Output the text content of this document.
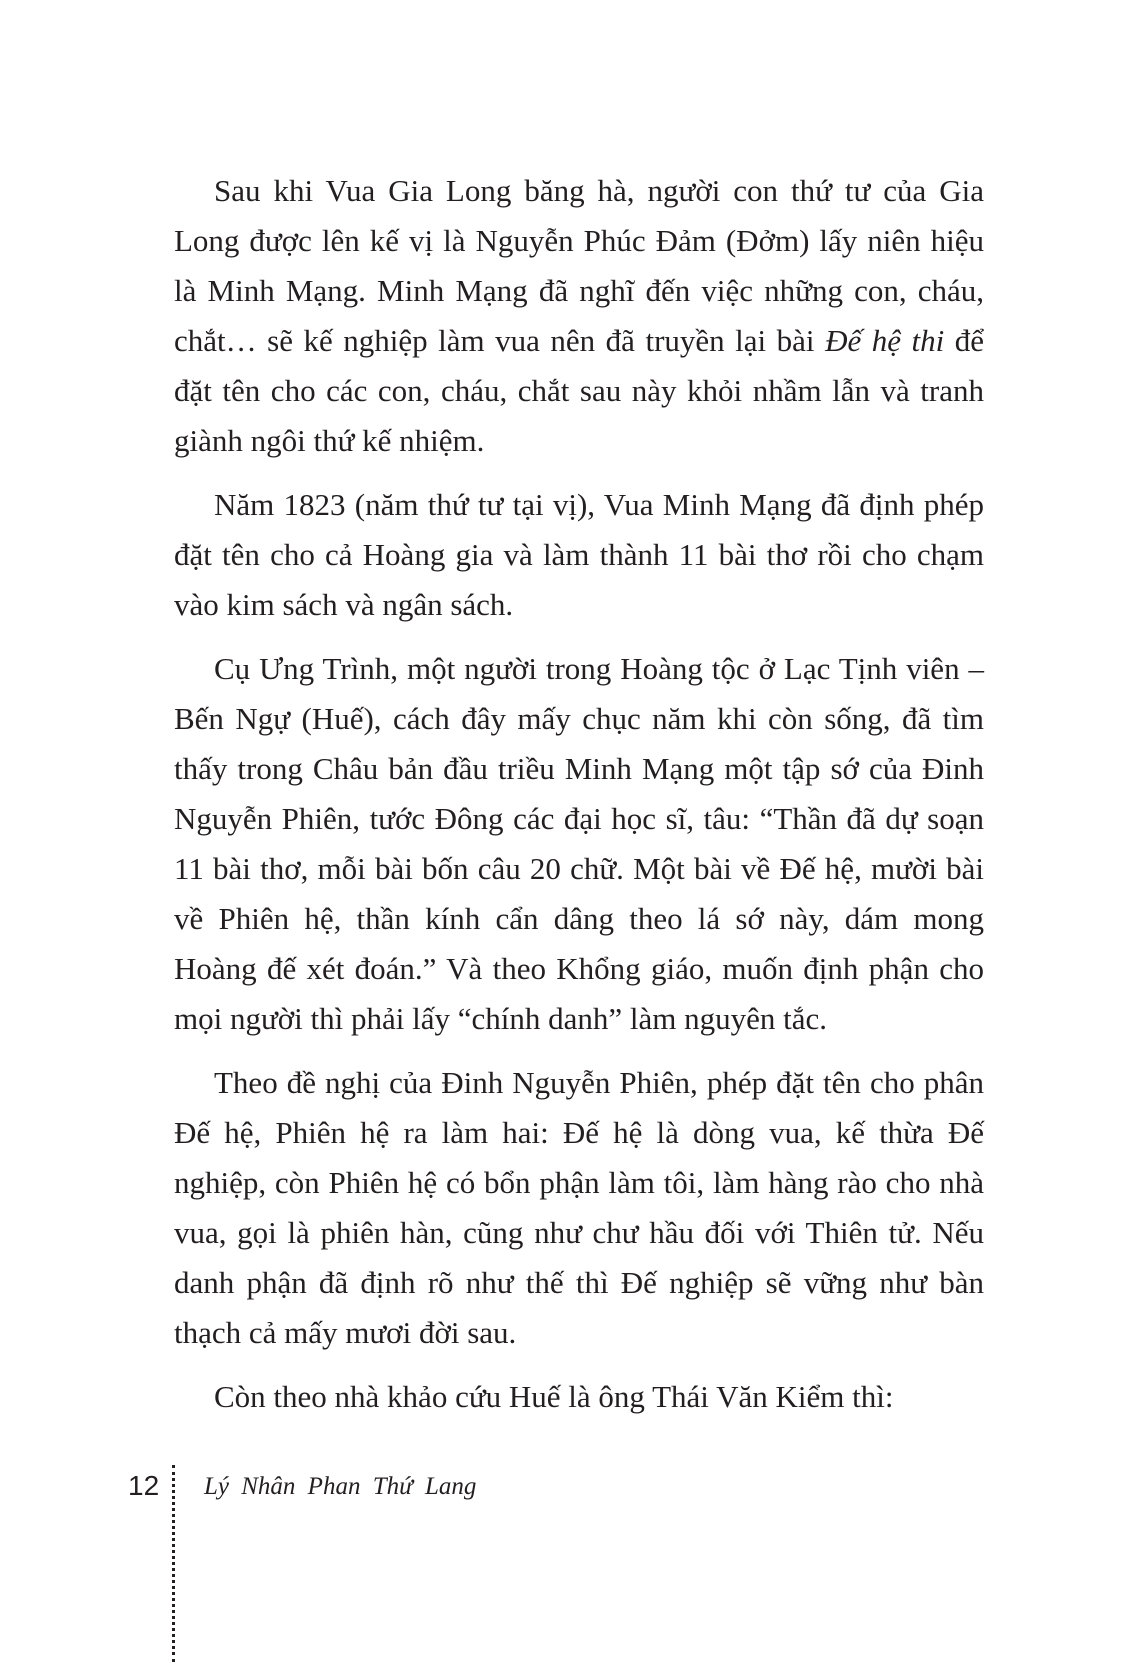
Sau khi Vua Gia Long băng hà, người con thứ tư của Gia Long được lên kế vị là Nguyễn Phúc Đảm (Đởm) lấy niên hiệu là Minh Mạng. Minh Mạng đã nghĩ đến việc những con, cháu, chắt… sẽ kế nghiệp làm vua nên đã truyền lại bài Đế hệ thi để đặt tên cho các con, cháu, chắt sau này khỏi nhầm lẫn và tranh giành ngôi thứ kế nhiệm.

Năm 1823 (năm thứ tư tại vị), Vua Minh Mạng đã định phép đặt tên cho cả Hoàng gia và làm thành 11 bài thơ rồi cho chạm vào kim sách và ngân sách.

Cụ Ưng Trình, một người trong Hoàng tộc ở Lạc Tịnh viên – Bến Ngự (Huế), cách đây mấy chục năm khi còn sống, đã tìm thấy trong Châu bản đầu triều Minh Mạng một tập sớ của Đinh Nguyễn Phiên, tước Đông các đại học sĩ, tâu: “Thần đã dự soạn 11 bài thơ, mỗi bài bốn câu 20 chữ. Một bài về Đế hệ, mười bài về Phiên hệ, thần kính cẩn dâng theo lá sớ này, dám mong Hoàng đế xét đoán.” Và theo Khổng giáo, muốn định phận cho mọi người thì phải lấy “chính danh” làm nguyên tắc.

Theo đề nghị của Đinh Nguyễn Phiên, phép đặt tên cho phân Đế hệ, Phiên hệ ra làm hai: Đế hệ là dòng vua, kế thừa Đế nghiệp, còn Phiên hệ có bổn phận làm tôi, làm hàng rào cho nhà vua, gọi là phiên hàn, cũng như chư hầu đối với Thiên tử. Nếu danh phận đã định rõ như thế thì Đế nghiệp sẽ vững như bàn thạch cả mấy mươi đời sau.

Còn theo nhà khảo cứu Huế là ông Thái Văn Kiểm thì:

12 Lý Nhân Phan Thứ Lang
